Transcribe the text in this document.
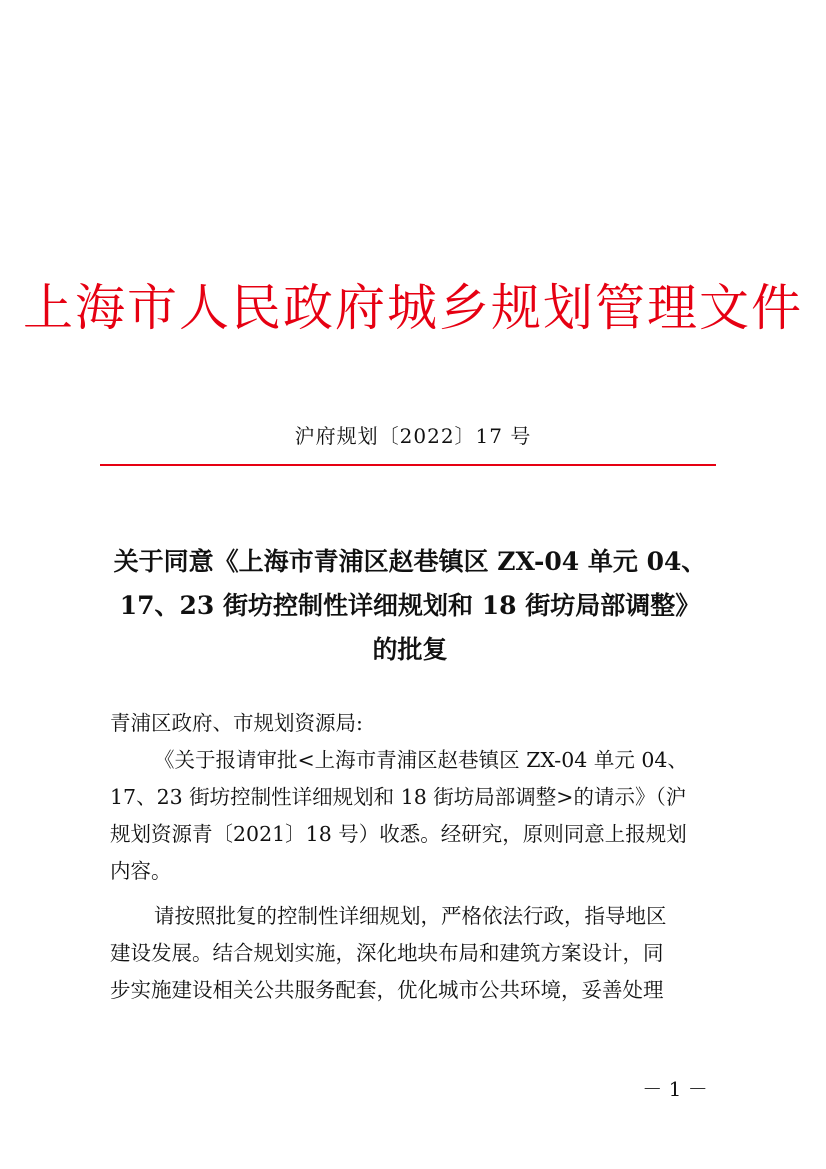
上海市人民政府城乡规划管理文件
沪府规划〔2022〕17 号
关于同意《上海市青浦区赵巷镇区 ZX-04 单元 04、
17、23 街坊控制性详细规划和 18 街坊局部调整》
的批复

青浦区政府、市规划资源局:

《关于报请审批<上海市青浦区赵巷镇区 ZX-04 单元 04、

17、23 街坊控制性详细规划和 18 街坊局部调整>的请示》（沪

规划资源青〔2021〕18 号）收悉。经研究，原则同意上报规划

内容。

请按照批复的控制性详细规划，严格依法行政，指导地区

建设发展。结合规划实施，深化地块布局和建筑方案设计，同

步实施建设相关公共服务配套，优化城市公共环境，妥善处理

－ 1 －
